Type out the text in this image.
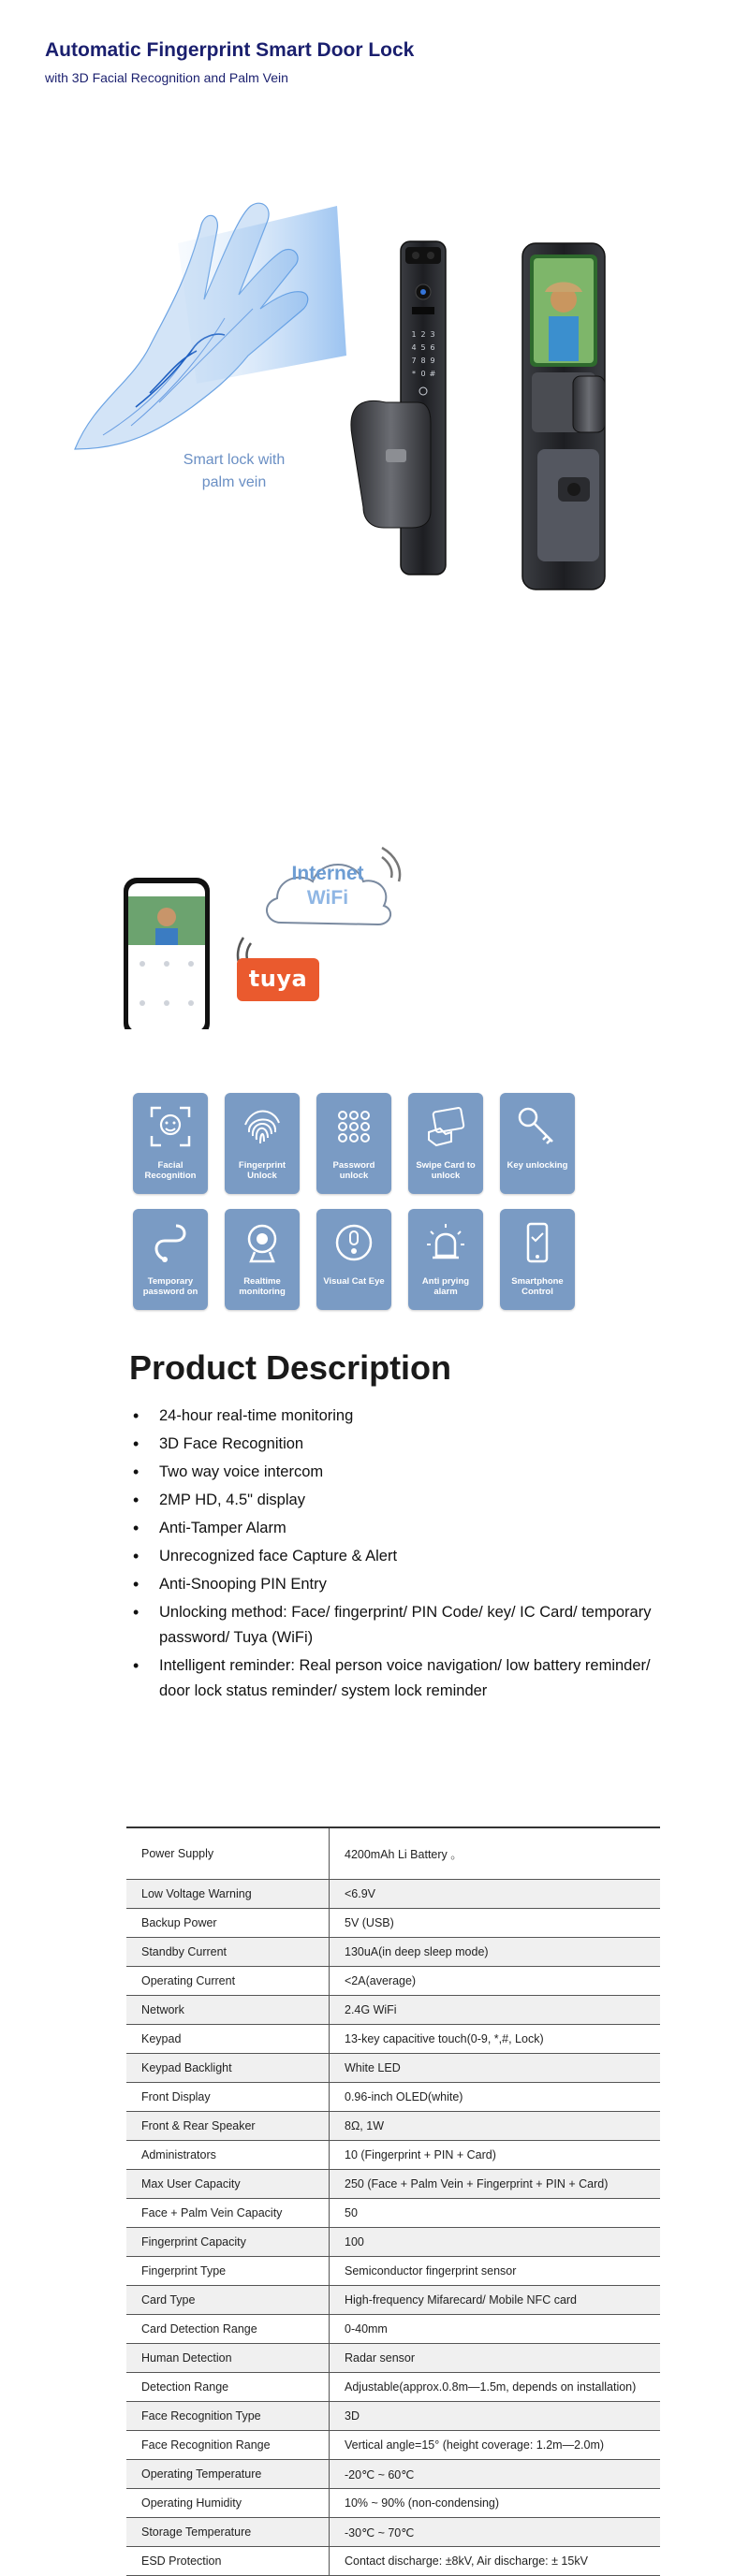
Automatic Fingerprint Smart Door Lock
with 3D Facial Recognition and Palm Vein
1 2 3
4 5 6
7 8 9
* 0 #
Smart lock with
palm vein
Internet
WiFi
tuya
Facial Recognition
Fingerprint Unlock
Password unlock
Swipe Card to unlock
Key unlocking
Temporary password on
Realtime monitoring
Visual Cat Eye	Anti prying alarm
Smartphone Control
Product Description
• 24-hour real-time monitoring
• 3D Face Recognition
• Two way voice intercom
• 2MP HD, 4.5" display
• Anti-Tamper Alarm
• Unrecognized face Capture & Alert
• Anti-Snooping PIN Entry
• Unlocking method: Face/ fingerprint/ PIN Code/ key/ IC Card/ temporary password/ Tuya (WiFi)
• Intelligent reminder: Real person voice navigation/ low battery reminder/ door lock status reminder/ system lock reminder
Power Supply	4200mAh Li Battery 。
Low Voltage Warning	<6.9V
Backup Power	5V (USB)
Standby Current	130uA(in deep sleep mode)
Operating Current	<2A(average)
Network	2.4G WiFi
Keypad	13-key capacitive touch(0-9, *,#, Lock)
Keypad Backlight	White LED
Front Display	0.96-inch OLED(white)
Front & Rear Speaker	8Ω, 1W
Administrators	10 (Fingerprint + PIN + Card)
Max User Capacity	250 (Face + Palm Vein + Fingerprint + PIN + Card)
Face + Palm Vein Capacity	50
Fingerprint Capacity	100
Fingerprint Type	Semiconductor fingerprint sensor
Card Type	High-frequency Mifarecard/ Mobile NFC card
Card Detection Range	0-40mm
Human Detection	Radar sensor
Detection Range	Adjustable(approx.0.8m—1.5m, depends on installation)
Face Recognition Type	3D
Face Recognition Range	Vertical angle=15° (height coverage: 1.2m—2.0m)
Operating Temperature	-20℃ ~ 60℃
Operating Humidity	10% ~ 90% (non-condensing)
Storage Temperature	-30℃ ~ 70℃
ESD Protection	Contact discharge: ±8kV, Air discharge: ± 15kV
